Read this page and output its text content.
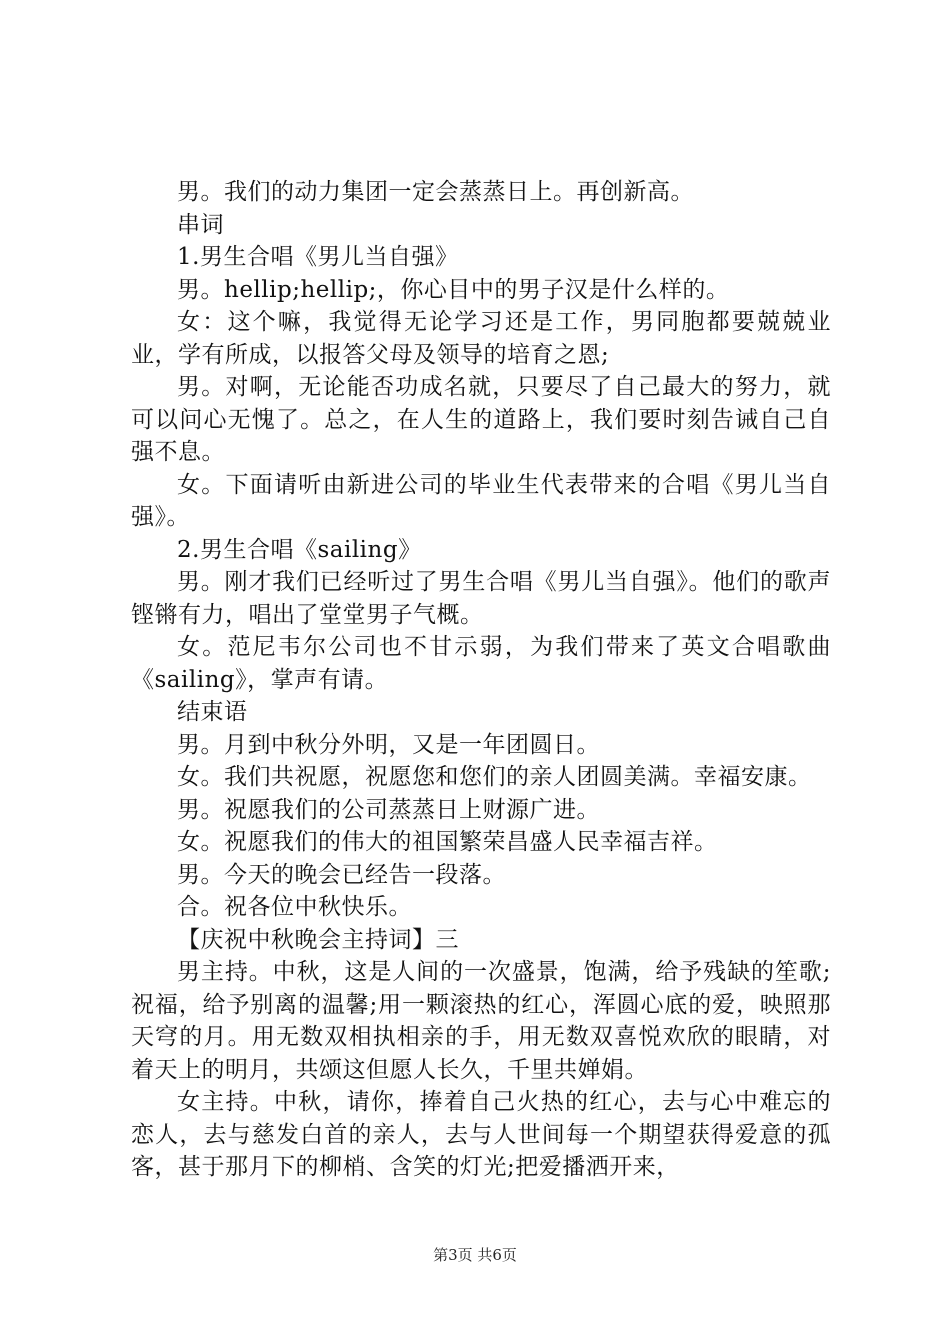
男。我们的动力集团一定会蒸蒸日上。再创新高。

串词

1.男生合唱《男儿当自强》

男。hellip;hellip;，你心目中的男子汉是什么样的。

女：这个嘛，我觉得无论学习还是工作，男同胞都要兢兢业业，学有所成，以报答父母及领导的培育之恩;

男。对啊，无论能否功成名就，只要尽了自己最大的努力，就可以问心无愧了。总之，在人生的道路上，我们要时刻告诫自己自强不息。

女。下面请听由新进公司的毕业生代表带来的合唱《男儿当自强》。

2.男生合唱《sailing》

男。刚才我们已经听过了男生合唱《男儿当自强》。他们的歌声铿锵有力，唱出了堂堂男子气概。

女。范尼韦尔公司也不甘示弱，为我们带来了英文合唱歌曲《sailing》，掌声有请。

结束语

男。月到中秋分外明，又是一年团圆日。

女。我们共祝愿，祝愿您和您们的亲人团圆美满。幸福安康。

男。祝愿我们的公司蒸蒸日上财源广进。

女。祝愿我们的伟大的祖国繁荣昌盛人民幸福吉祥。

男。今天的晚会已经告一段落。

合。祝各位中秋快乐。

【庆祝中秋晚会主持词】三

男主持。中秋，这是人间的一次盛景，饱满，给予残缺的笙歌;祝福，给予别离的温馨;用一颗滚热的红心，浑圆心底的爱，映照那天穹的月。用无数双相执相亲的手，用无数双喜悦欢欣的眼睛，对着天上的明月，共颂这但愿人长久，千里共婵娟。

女主持。中秋，请你，捧着自己火热的红心，去与心中难忘的恋人，去与慈发白首的亲人，去与人世间每一个期望获得爱意的孤客，甚于那月下的柳梢、含笑的灯光;把爱播洒开来，

第3页 共6页
